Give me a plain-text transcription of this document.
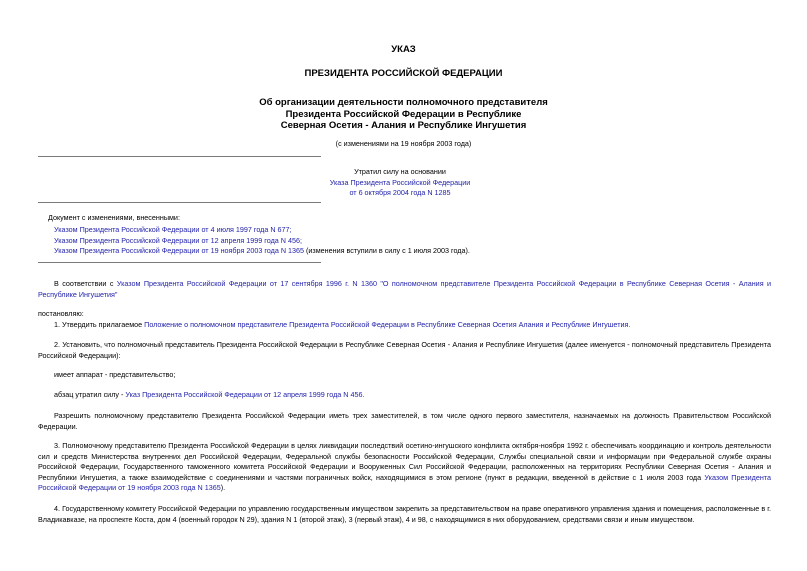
УКАЗ
ПРЕЗИДЕНТА РОССИЙСКОЙ ФЕДЕРАЦИИ
Об организации деятельности полномочного представителя
Президента Российской Федерации в Республике
Северная Осетия - Алания и Республике Ингушетия
(с изменениями на 19 ноября 2003 года)
Утратил силу на основании
Указа Президента Российской Федерации
от 6 октября 2004 года N 1285
Документ с изменениями, внесенными:
Указом Президента Российской Федерации от 4 июля 1997 года N 677;
Указом Президента Российской Федерации от 12 апреля 1999 года N 456;
Указом Президента Российской Федерации от 19 ноября 2003 года N 1365 (изменения вступили в силу с 1 июля 2003 года).
В соответствии с Указом Президента Российской Федерации от 17 сентября 1996 г. N 1360 "О полномочном представителе Президента Российской Федерации в Республике Северная Осетия - Алания и Республике Ингушетия"
постановляю:
1. Утвердить прилагаемое Положение о полномочном представителе Президента Российской Федерации в Республике Северная Осетия Алания и Республике Ингушетия.
2. Установить, что полномочный представитель Президента Российской Федерации в Республике Северная Осетия - Алания и Республике Ингушетия (далее именуется - полномочный представитель Президента Российской Федерации):
имеет аппарат - представительство;
абзац утратил силу - Указ Президента Российской Федерации от 12 апреля 1999 года N 456.
Разрешить полномочному представителю Президента Российской Федерации иметь трех заместителей, в том числе одного первого заместителя, назначаемых на должность Правительством Российской Федерации.
3. Полномочному представителю Президента Российской Федерации в целях ликвидации последствий осетино-ингушского конфликта октября-ноября 1992 г. обеспечивать координацию и контроль деятельности сил и средств Министерства внутренних дел Российской Федерации, Федеральной службы безопасности Российской Федерации, Службы специальной связи и информации при Федеральной службе охраны Российской Федерации, Государственного таможенного комитета Российской Федерации и Вооруженных Сил Российской Федерации, расположенных на территориях Республики Северная Осетия - Алания и Республики Ингушетия, а также взаимодействие с соединениями и частями пограничных войск, находящимися в этом регионе (пункт в редакции, введенной в действие с 1 июля 2003 года Указом Президента Российской Федерации от 19 ноября 2003 года N 1365).
4. Государственному комитету Российской Федерации по управлению государственным имуществом закрепить за представительством на праве оперативного управления здания и помещения, расположенные в г. Владикавказе, на проспекте Коста, дом 4 (военный городок N 29), здания N 1 (второй этаж), 3 (первый этаж), 4 и 98, с находящимися в них оборудованием, средствами связи и иным имуществом.
